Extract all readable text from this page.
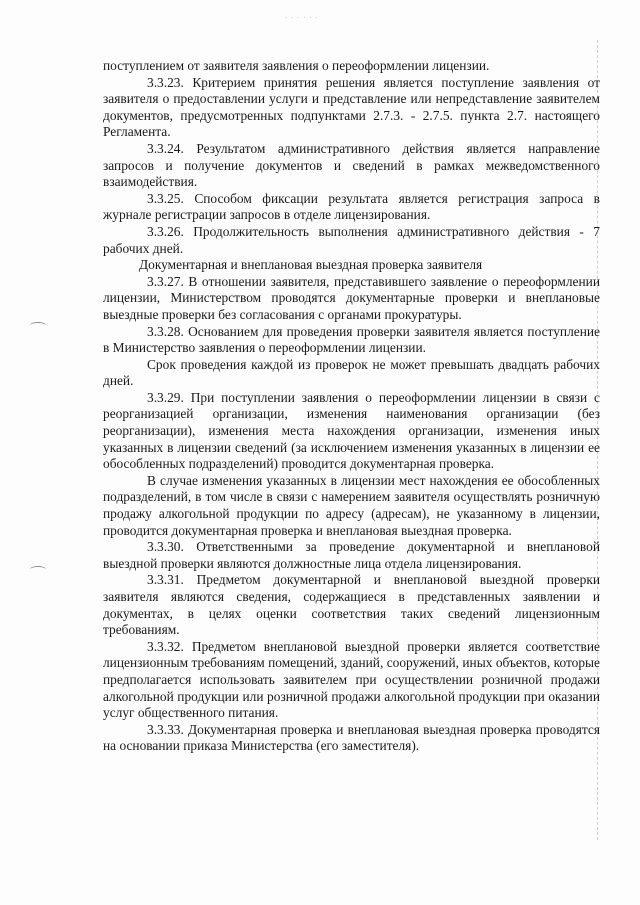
· · · · · ·

поступлением от заявителя заявления о переоформлении лицензии.

3.3.23. Критерием принятия решения является поступление заявления от заявителя о предоставлении услуги и представление или непредставление заявителем документов, предусмотренных подпунктами 2.7.3. - 2.7.5. пункта 2.7. настоящего Регламента.

3.3.24. Результатом административного действия является направление запросов и получение документов и сведений в рамках межведомственного взаимодействия.

3.3.25. Способом фиксации результата является регистрация запроса в журнале регистрации запросов в отделе лицензирования.

3.3.26. Продолжительность выполнения административного действия - 7 рабочих дней.

Документарная и внеплановая выездная проверка заявителя

3.3.27. В отношении заявителя, представившего заявление о переоформлении лицензии, Министерством проводятся документарные проверки и внеплановые выездные проверки без согласования с органами прокуратуры.

3.3.28. Основанием для проведения проверки заявителя является поступление в Министерство заявления о переоформлении лицензии.

Срок проведения каждой из проверок не может превышать двадцать рабочих дней.

3.3.29. При поступлении заявления о переоформлении лицензии в связи с реорганизацией организации, изменения наименования организации (без реорганизации), изменения места нахождения организации, изменения иных указанных в лицензии сведений (за исключением изменения указанных в лицензии ее обособленных подразделений) проводится документарная проверка.

В случае изменения указанных в лицензии мест нахождения ее обособленных подразделений, в том числе в связи с намерением заявителя осуществлять розничную продажу алкогольной продукции по адресу (адресам), не указанному в лицензии, проводится документарная проверка и внеплановая выездная проверка.

3.3.30. Ответственными за проведение документарной и внеплановой выездной проверки являются должностные лица отдела лицензирования.

3.3.31. Предметом документарной и внеплановой выездной проверки заявителя являются сведения, содержащиеся в представленных заявлении и документах, в целях оценки соответствия таких сведений лицензионным требованиям.

3.3.32. Предметом внеплановой выездной проверки является соответствие лицензионным требованиям помещений, зданий, сооружений, иных объектов, которые предполагается использовать заявителем при осуществлении розничной продажи алкогольной продукции или розничной продажи алкогольной продукции при оказании услуг общественного питания.

3.3.33. Документарная проверка и внеплановая выездная проверка проводятся на основании приказа Министерства (его заместителя).
